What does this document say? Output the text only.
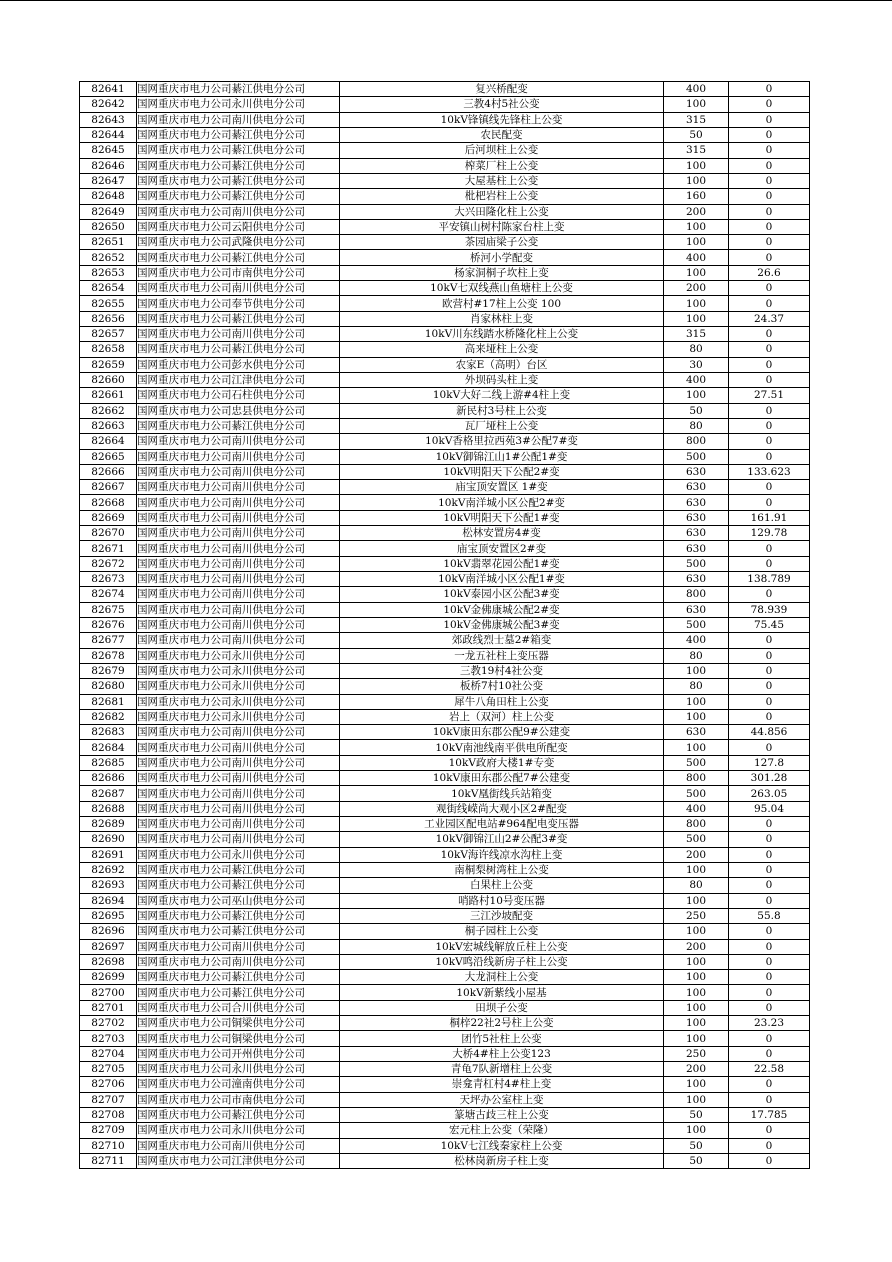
82641	国网重庆市电力公司綦江供电分公司	复兴桥配变	400	0
82642	国网重庆市电力公司永川供电分公司	三教4村5社公变	100	0
82643	国网重庆市电力公司南川供电分公司	10kV锋镇线先锋柱上公变	315	0
82644	国网重庆市电力公司綦江供电分公司	农民配变	50	0
82645	国网重庆市电力公司綦江供电分公司	后河坝柱上公变	315	0
82646	国网重庆市电力公司綦江供电分公司	榨菜厂柱上公变	100	0
82647	国网重庆市电力公司綦江供电分公司	大屋基柱上公变	100	0
82648	国网重庆市电力公司綦江供电分公司	枇杷岩柱上公变	160	0
82649	国网重庆市电力公司南川供电分公司	大兴田隆化柱上公变	200	0
82650	国网重庆市电力公司云阳供电分公司	平安镇山树村陈家台柱上变	100	0
82651	国网重庆市电力公司武隆供电分公司	茶园庙梁子公变	100	0
82652	国网重庆市电力公司綦江供电分公司	桥河小学配变	400	0
82653	国网重庆市电力公司市南供电分公司	杨家洞桐子坎柱上变	100	26.6
82654	国网重庆市电力公司南川供电分公司	10kV七双线燕山鱼塘柱上公变	200	0
82655	国网重庆市电力公司奉节供电分公司	欧营村#17柱上公变 100	100	0
82656	国网重庆市电力公司綦江供电分公司	肖家林柱上变	100	24.37
82657	国网重庆市电力公司南川供电分公司	10kV川东线踏水桥隆化柱上公变	315	0
82658	国网重庆市电力公司綦江供电分公司	高来垭柱上公变	80	0
82659	国网重庆市电力公司彭水供电分公司	农家E（高明）台区	30	0
82660	国网重庆市电力公司江津供电分公司	外坝码头柱上变	400	0
82661	国网重庆市电力公司石柱供电分公司	10kV大好二线上游#4柱上变	100	27.51
82662	国网重庆市电力公司忠县供电分公司	新民村3号柱上公变	50	0
82663	国网重庆市电力公司綦江供电分公司	瓦厂垭柱上公变	80	0
82664	国网重庆市电力公司南川供电分公司	10kV香格里拉西苑3#公配7#变	800	0
82665	国网重庆市电力公司南川供电分公司	10kV御锦江山1#公配1#变	500	0
82666	国网重庆市电力公司南川供电分公司	10kV明阳天下公配2#变	630	133.623
82667	国网重庆市电力公司南川供电分公司	庙宝顶安置区 1#变	630	0
82668	国网重庆市电力公司南川供电分公司	10kV南洋城小区公配2#变	630	0
82669	国网重庆市电力公司南川供电分公司	10kV明阳天下公配1#变	630	161.91
82670	国网重庆市电力公司南川供电分公司	松林安置房4#变	630	129.78
82671	国网重庆市电力公司南川供电分公司	庙宝顶安置区2#变	630	0
82672	国网重庆市电力公司南川供电分公司	10kV翡翠花园公配1#变	500	0
82673	国网重庆市电力公司南川供电分公司	10kV南洋城小区公配1#变	630	138.789
82674	国网重庆市电力公司南川供电分公司	10kV泰园小区公配3#变	800	0
82675	国网重庆市电力公司南川供电分公司	10kV金佛康城公配2#变	630	78.939
82676	国网重庆市电力公司南川供电分公司	10kV金佛康城公配3#变	500	75.45
82677	国网重庆市电力公司南川供电分公司	郊政线烈士墓2#箱变	400	0
82678	国网重庆市电力公司永川供电分公司	一龙五社柱上变压器	80	0
82679	国网重庆市电力公司永川供电分公司	三教19村4社公变	100	0
82680	国网重庆市电力公司永川供电分公司	板桥7村10社公变	80	0
82681	国网重庆市电力公司永川供电分公司	犀牛八角田柱上公变	100	0
82682	国网重庆市电力公司永川供电分公司	岩上（双河）柱上公变	100	0
82683	国网重庆市电力公司南川供电分公司	10kV康田东郡公配9#公建变	630	44.856
82684	国网重庆市电力公司南川供电分公司	10kV南池线南平供电所配变	100	0
82685	国网重庆市电力公司南川供电分公司	10kV政府大楼1#专变	500	127.8
82686	国网重庆市电力公司南川供电分公司	10kV康田东郡公配7#公建变	800	301.28
82687	国网重庆市电力公司南川供电分公司	10kV凰街线兵站箱变	500	263.05
82688	国网重庆市电力公司南川供电分公司	观街线嵘尚大观小区2#配变	400	95.04
82689	国网重庆市电力公司南川供电分公司	工业园区配电站#964配电变压器	800	0
82690	国网重庆市电力公司南川供电分公司	10kV御锦江山2#公配3#变	500	0
82691	国网重庆市电力公司永川供电分公司	10kV海许线凉水沟柱上变	200	0
82692	国网重庆市电力公司綦江供电分公司	南桐梨树湾柱上公变	100	0
82693	国网重庆市电力公司綦江供电分公司	白果柱上公变	80	0
82694	国网重庆市电力公司巫山供电分公司	哨路村10号变压器	100	0
82695	国网重庆市电力公司綦江供电分公司	三江沙坡配变	250	55.8
82696	国网重庆市电力公司綦江供电分公司	桐子园柱上公变	100	0
82697	国网重庆市电力公司南川供电分公司	10kV宏城线解放丘柱上公变	200	0
82698	国网重庆市电力公司南川供电分公司	10kV鸣沿线新房子柱上公变	100	0
82699	国网重庆市电力公司綦江供电分公司	大龙洞柱上公变	100	0
82700	国网重庆市电力公司綦江供电分公司	10kV新紫线小屋基	100	0
82701	国网重庆市电力公司合川供电分公司	田坝子公变	100	0
82702	国网重庆市电力公司铜梁供电分公司	桐梓22社2号柱上公变	100	23.23
82703	国网重庆市电力公司铜梁供电分公司	团竹5社柱上公变	100	0
82704	国网重庆市电力公司开州供电分公司	大桥4#柱上公变123	250	0
82705	国网重庆市电力公司永川供电分公司	青龟7队新增柱上公变	200	22.58
82706	国网重庆市电力公司潼南供电分公司	崇龛青杠村4#柱上变	100	0
82707	国网重庆市电力公司市南供电分公司	天坪办公室柱上变	100	0
82708	国网重庆市电力公司綦江供电分公司	篆塘古歧三柱上公变	50	17.785
82709	国网重庆市电力公司永川供电分公司	宏元柱上公变（荣隆）	100	0
82710	国网重庆市电力公司南川供电分公司	10kV七江线秦家柱上公变	50	0
82711	国网重庆市电力公司江津供电分公司	松林岗新房子柱上变	50	0
